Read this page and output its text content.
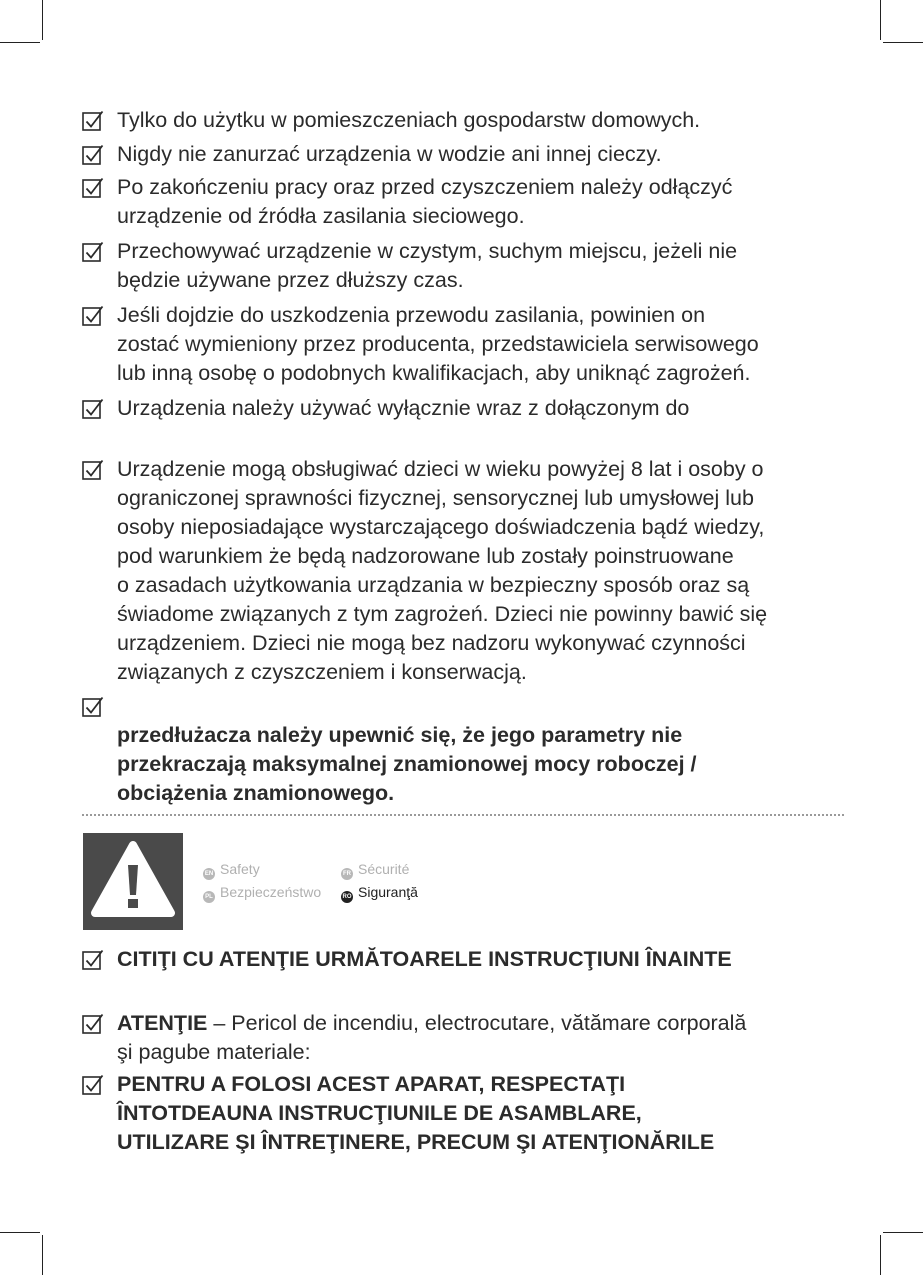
Tylko do użytku w pomieszczeniach gospodarstw domowych.
Nigdy nie zanurzać urządzenia w wodzie ani innej cieczy.
Po zakończeniu pracy oraz przed czyszczeniem należy odłączyć
urządzenie od źródła zasilania sieciowego.
Przechowywać urządzenie w czystym, suchym miejscu, jeżeli nie
będzie używane przez dłuższy czas.
Jeśli dojdzie do uszkodzenia przewodu zasilania, powinien on
zostać wymieniony przez producenta, przedstawiciela serwisowego
lub inną osobę o podobnych kwalifikacjach, aby uniknąć zagrożeń.
Urządzenia należy używać wyłącznie wraz z dołączonym do
Urządzenie mogą obsługiwać dzieci w wieku powyżej 8 lat i osoby o
ograniczonej sprawności fizycznej, sensorycznej lub umysłowej lub
osoby nieposiadające wystarczającego doświadczenia bądź wiedzy,
pod warunkiem że będą nadzorowane lub zostały poinstruowane
o zasadach użytkowania urządzania w bezpieczny sposób oraz są
świadome związanych z tym zagrożeń. Dzieci nie powinny bawić się
urządzeniem. Dzieci nie mogą bez nadzoru wykonywać czynności
związanych z czyszczeniem i konserwacją.
przedłużacza należy upewnić się, że jego parametry nie
przekraczają maksymalnej znamionowej mocy roboczej /
obciążenia znamionowego.
EN Safety	FR Sécurité
PL Bezpieczeństwo	RO Siguranţă
CITIŢI CU ATENŢIE URMĂTOARELE INSTRUCŢIUNI ÎNAINTE
ATENŢIE – Pericol de incendiu, electrocutare, vătămare corporală
şi pagube materiale:
PENTRU A FOLOSI ACEST APARAT, RESPECTAŢI
ÎNTOTDEAUNA INSTRUCŢIUNILE DE ASAMBLARE,
UTILIZARE ŞI ÎNTREŢINERE, PRECUM ŞI ATENŢIONĂRILE
